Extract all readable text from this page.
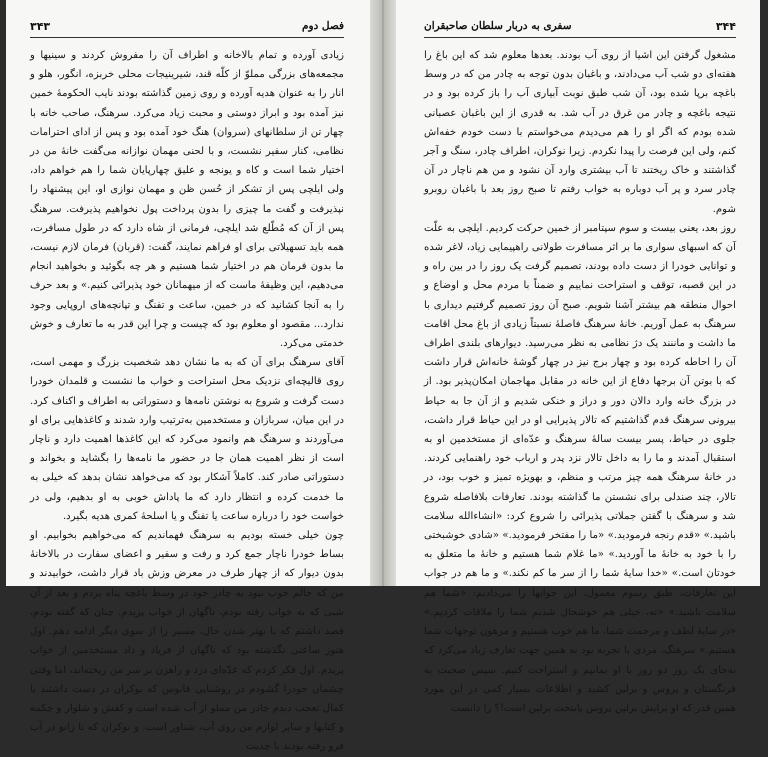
فصل دوم
۳۴۳

زیادی آورده و تمام بالاخانه و اطراف آن را مفروش کردند و سینیها و مجمعه‌های بزرگی مملوّ از کلّه قند، شیرینیجات محلی خربزه، انگور، هلو و انار را به عنوان هدیه آورده و روی زمین گذاشته بودند نایب الحکومهٔ خمین نیز آمده بود و ابراز دوستی و محبت زیاد می‌کرد. سرهنگ، صاحب خانه با چهار تن از سلطانهای (سروان) هنگ خود آمده بود و پس از ادای احترامات نظامی، کنار سفیر نشست، و با لحنی مهمان نوازانه می‌گفت خانهٔ من در اختیار شما است و کاه و یونجه و علیق چهارپایان شما را هم خواهم داد، ولی ایلچی پس از تشکر از حُسن ظن و مهمان نوازی او، این پیشنهاد را نپذیرفت و گفت ما چیزی را بدون پرداخت پول نخواهیم پذیرفت. سرهنگ پس از آن که مُطّلع شد ایلچی، فرمانی از شاه دارد که در طول مسافرت، همه باید تسهیلاتی برای او فراهم نمایند، گفت: (قربان) فرمان لازم نیست، ما بدون فرمان هم در اختیار شما هستیم و هر چه بگوئید و بخواهید انجام می‌دهیم، این وظیفهٔ ماست که از میهمانان خود پذیرائی کنیم.» و بعد حرف را به آنجا کشانید که در خمین، ساعت و تفنگ و تپانچه‌های اروپایی وجود ندارد... مقصود او معلوم بود که چیست و چرا این قدر به ما تعارف و خوش خدمتی می‌کرد.

آقای سرهنگ برای آن که به ما نشان دهد شخصیت بزرگ و مهمی است، روی قالیچه‌ای نزدیک محل استراحت و خواب ما نشست و قلمدان خودرا دست گرفت و شروع به نوشتن نامه‌ها و دستوراتی به اطراف و اکناف کرد. در این میان، سربازان و مستخدمین به‌ترتیب وارد شدند و کاغذهایی برای او می‌آوردند و سرهنگ هم وانمود می‌کرد که این کاغذها اهمیت دارد و ناچار است از نظر اهمیت همان جا در حضور ما نامه‌ها را بگشاید و بخواند و دستوراتی صادر کند. کاملاً آشکار بود که می‌خواهد نشان بدهد که خیلی به ما خدمت کرده و انتظار دارد که ما پاداش خوبی به او بدهیم، ولی در خواست خود را درباره ساعت یا تفنگ و یا اسلحهٔ کمری هدیه بگیرد.

چون خیلی خسته بودیم به سرهنگ فهماندیم که می‌خواهیم بخوابیم. او بساط خودرا ناچار جمع کرد و رفت و سفیر و اعضای سفارت در بالاخانهٔ بدون دیوار که از چهار طرف در معرض وزش باد قرار داشت، خوابیدند و من که حالم خوب نبود به چادر خود در وسط باغچه پناه بردم و بعد از آن شبی که به خواب رفته بودم، ناگهان از خواب پریدم. چنان که گفته بودم، قصد داشتم که با بهتر شدن حال، مسیر را از سوی دیگر ادامه دهم. اول هنوز ساعتی نگذشته بود که ناگهان از فریاد و داد مستخدمین از خواب پریدم. اول فکر کردم که عدّه‌ای دزد و راهزن بر سر من ریخته‌اند، اما وقتی چشمان خودرا گشودم در روشنایی فانوس که نوکران در دست داشتند با کمال تعجب دیدم چادر من مملو از آب شده است و کفش و شلوار و چکمه و کتابها و سایر لوازم من روی آب، شناور است. و نوکران که تا زانو در آب فرو رفته بودند با جدیت

۳۴۴
سفری به دربار سلطان صاحبقران

مشغول گرفتن این اشیا از روی آب بودند. بعدها معلوم شد که این باغ را هفته‌ای دو شب آب می‌دادند، و باغبان بدون توجه به چادر من که در وسط باغچه برپا شده بود، آن شب طبق نوبت آبیاری آب را باز کرده بود و در نتیجه باغچه و چادر من غرق در آب شد. به قدری از این باغبان عصبانی شده بودم که اگر او را هم می‌دیدم می‌خواستم با دست خودم خفه‌اش کنم، ولی این فرصت را پیدا نکردم. زیرا نوکران، اطراف چادر، سنگ و آجر گذاشتند و خاک ریختند تا آب بیشتری وارد آن نشود و من هم ناچار در آن چادر سرد و پر آب دوباره به خواب رفتم تا صبح روز بعد با باغبان روبرو شوم.

روز بعد، یعنی بیست و سوم سپتامبر از خمین حرکت کردیم. ایلچی به علّت آن که اسبهای سواری ما بر اثر مسافرت طولانی راهپیمایی زیاد، لاغر شده و توانایی خودرا از دست داده بودند، تصمیم گرفت یک روز را در بین راه و در این قصبه، توقف و استراحت نماییم و ضمناً با مردم محل و اوضاع و احوال منطقه هم بیشتر آشنا شویم. صبح آن روز تصمیم گرفتیم دیداری با سرهنگ به عمل آوریم. خانهٔ سرهنگ فاصلهٔ نسبتاً زیادی از باغ محل اقامت ما داشت و ماننند یک دژ نظامی به نظر می‌رسید. دیوارهای بلندی اطراف آن را احاطه کرده بود و چهار برج نیز در چهار گوشهٔ خانه‌اش قرار داشت که با بوتن آن برجها دفاع از این خانه در مقابل مهاجمان امکان‌پذیر بود. از در بزرگ خانه وارد دالان دور و دراز و خنکی شدیم و از آن جا به حیاط بیرونی سرهنگ قدم گذاشتیم که تالار پذیرایی او در این حیاط قرار داشت، جلوی در حیاط، پسر بیست سالهٔ سرهنگ و عدّه‌ای از مستخدمین او به استقبال آمدند و ما را به داخل تالار نزد پدر و ارباب خود راهنمایی کردند. در خانهٔ سرهنگ همه چیز مرتب و منظم، و بهویژه تمیز و خوب بود، در تالار، چند صندلی برای نشستن ما گذاشته بودند. تعارفات بلافاصله شروع شد و سرهنگ با گفتن جملاتی پذیرائی را شروع کرد: «انشاءالله سلامت باشید.» «قدم رنجه فرمودید.» «ما را مفتخر فرمودید.» «شادی خوشبختی را با خود به خانهٔ ما آوردید.» «ما غلام شما هستیم و خانهٔ ما متعلق به خودتان است.» «خدا سایهٔ شما را از سر ما کم نکند.» و ما هم در جواب این تعارفات، طبق رسوم معمول، این جوابها را می‌دادیم: «شما هم سلامت باشید.» «نه، خیلی هم خوشحال شدیم شما را ملاقات کردیم.» «در سایهٔ لطف و مرحمت شما، ما هم خوب هستیم و مرهون توجهات شما هستیم.» سرهنگ، مردی با تجربه بود به همین جهت تعارف زیاد می‌کرد که به‌جای یک روز دو روز با او بمانیم و استراحت کنیم. سپس صحبت به فرنگستان و پروس و برلین کشید و اطلاعات بسیار کمی در این مورد همین قدر که او برایش برلین پروس پایتخت برلین است!؟ را دانست
